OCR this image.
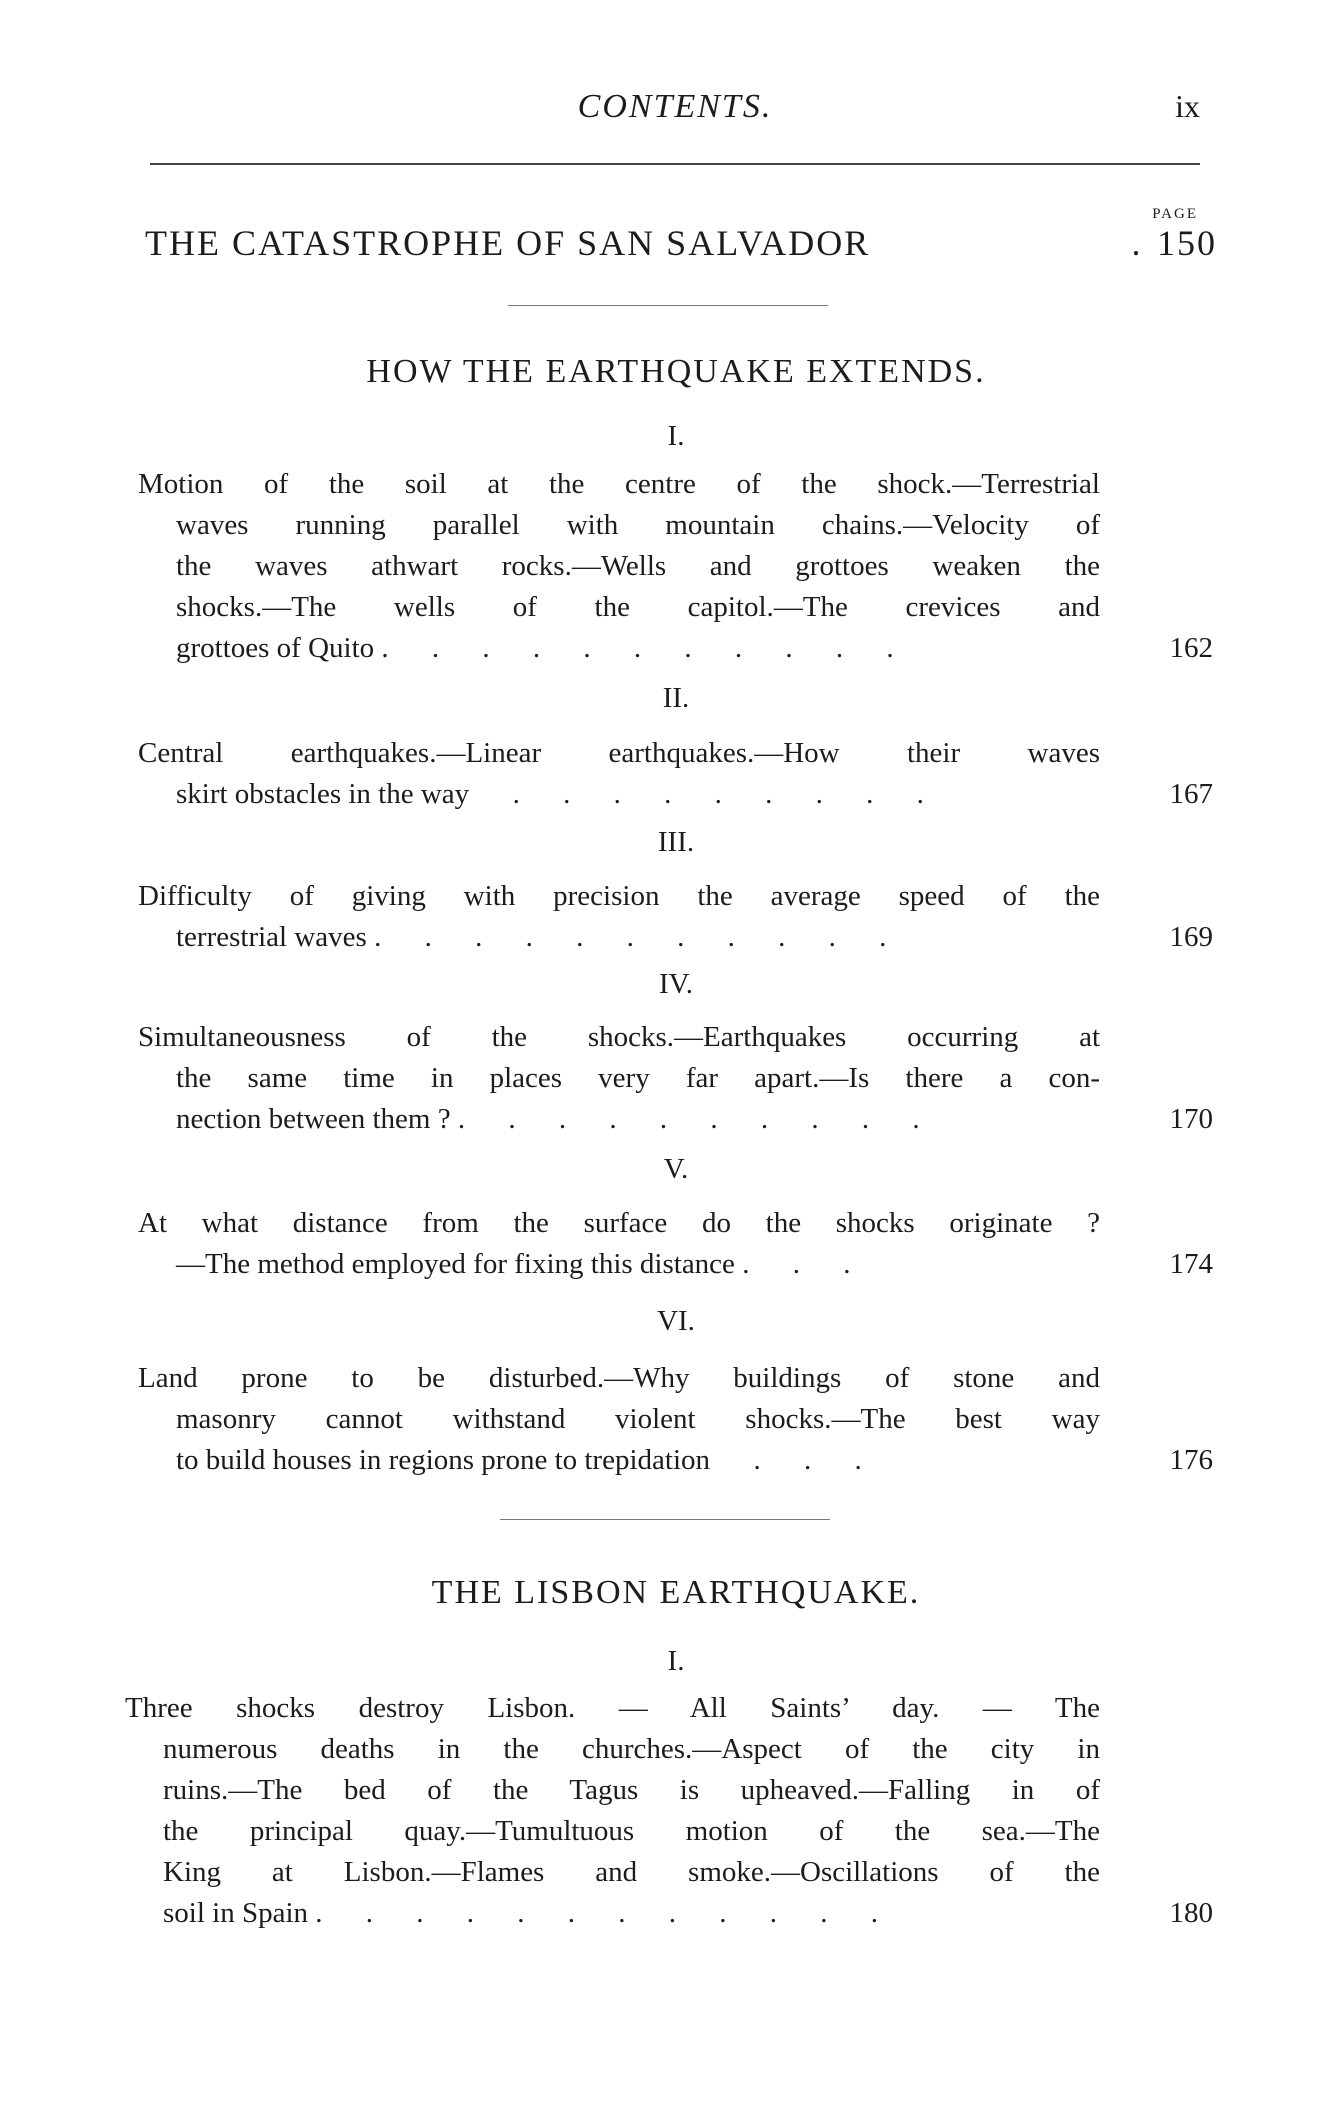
CONTENTS.	ix
PAGE
THE CATASTROPHE OF SAN SALVADOR	. 150
HOW THE EARTHQUAKE EXTENDS.
I.
Motion of the soil at the centre of the shock.—Terrestrial
waves running parallel with mountain chains.—Velocity of
the waves athwart rocks.—Wells and grottoes weaken the
shocks.—The wells of the capitol.—The crevices and
grottoes of Quito . . . . . . . . . . .	162
II.
Central earthquakes.—Linear earthquakes.—How their waves
skirt obstacles in the way . . . . . . . . .	167
III.
Difficulty of giving with precision the average speed of the
terrestrial waves . . . . . . . . . . .	169
IV.
Simultaneousness of the shocks.—Earthquakes occurring at
the same time in places very far apart.—Is there a con-
nection between them ? . . . . . . . . . .	170
V.
At what distance from the surface do the shocks originate ?
—The method employed for fixing this distance . . .	174
VI.
Land prone to be disturbed.—Why buildings of stone and
masonry cannot withstand violent shocks.—The best way
to build houses in regions prone to trepidation . . .	176
THE LISBON EARTHQUAKE.
I.
Three shocks destroy Lisbon. — All Saints’ day. — The
numerous deaths in the churches.—Aspect of the city in
ruins.—The bed of the Tagus is upheaved.—Falling in of
the principal quay.—Tumultuous motion of the sea.—The
King at Lisbon.—Flames and smoke.—Oscillations of the
soil in Spain . . . . . . . . . . . .	180
